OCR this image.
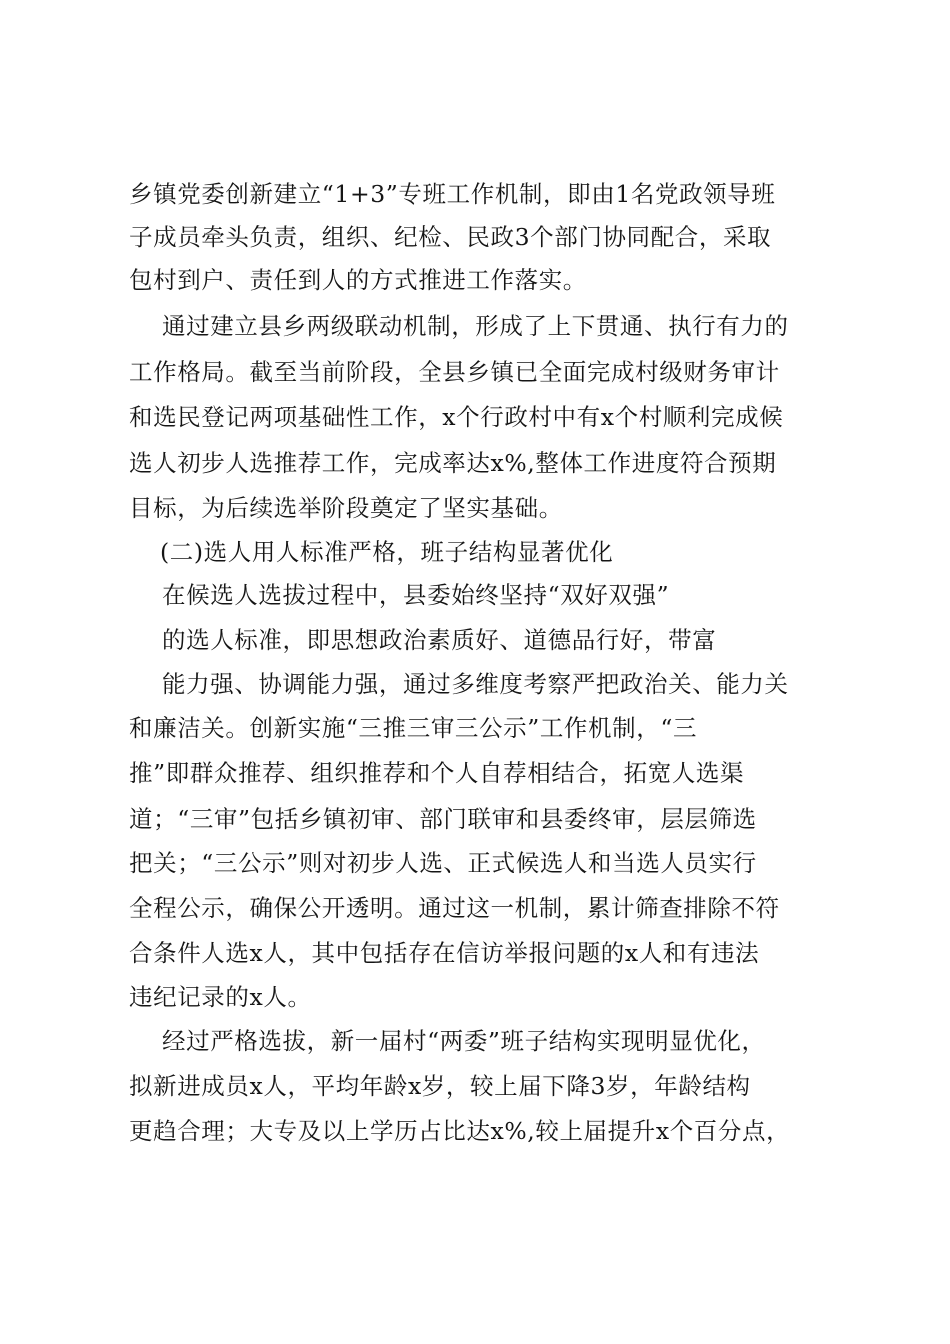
乡镇党委创新建立“1+3”专班工作机制，即由1名党政领导班
子成员牵头负责，组织、纪检、民政3个部门协同配合，采取
包村到户、责任到人的方式推进工作落实。
通过建立县乡两级联动机制，形成了上下贯通、执行有力的
工作格局。截至当前阶段，全县乡镇已全面完成村级财务审计
和选民登记两项基础性工作，x个行政村中有x个村顺利完成候
选人初步人选推荐工作，完成率达x%,整体工作进度符合预期
目标，为后续选举阶段奠定了坚实基础。
(二)选人用人标准严格，班子结构显著优化
在候选人选拔过程中，县委始终坚持“双好双强”
的选人标准，即思想政治素质好、道德品行好，带富
能力强、协调能力强，通过多维度考察严把政治关、能力关
和廉洁关。创新实施“三推三审三公示”工作机制，“三
推”即群众推荐、组织推荐和个人自荐相结合，拓宽人选渠
道；“三审”包括乡镇初审、部门联审和县委终审，层层筛选
把关；“三公示”则对初步人选、正式候选人和当选人员实行
全程公示，确保公开透明。通过这一机制，累计筛查排除不符
合条件人选x人，其中包括存在信访举报问题的x人和有违法
违纪记录的x人。
经过严格选拔，新一届村“两委”班子结构实现明显优化，
拟新进成员x人，平均年龄x岁，较上届下降3岁，年龄结构
更趋合理；大专及以上学历占比达x%,较上届提升x个百分点，
